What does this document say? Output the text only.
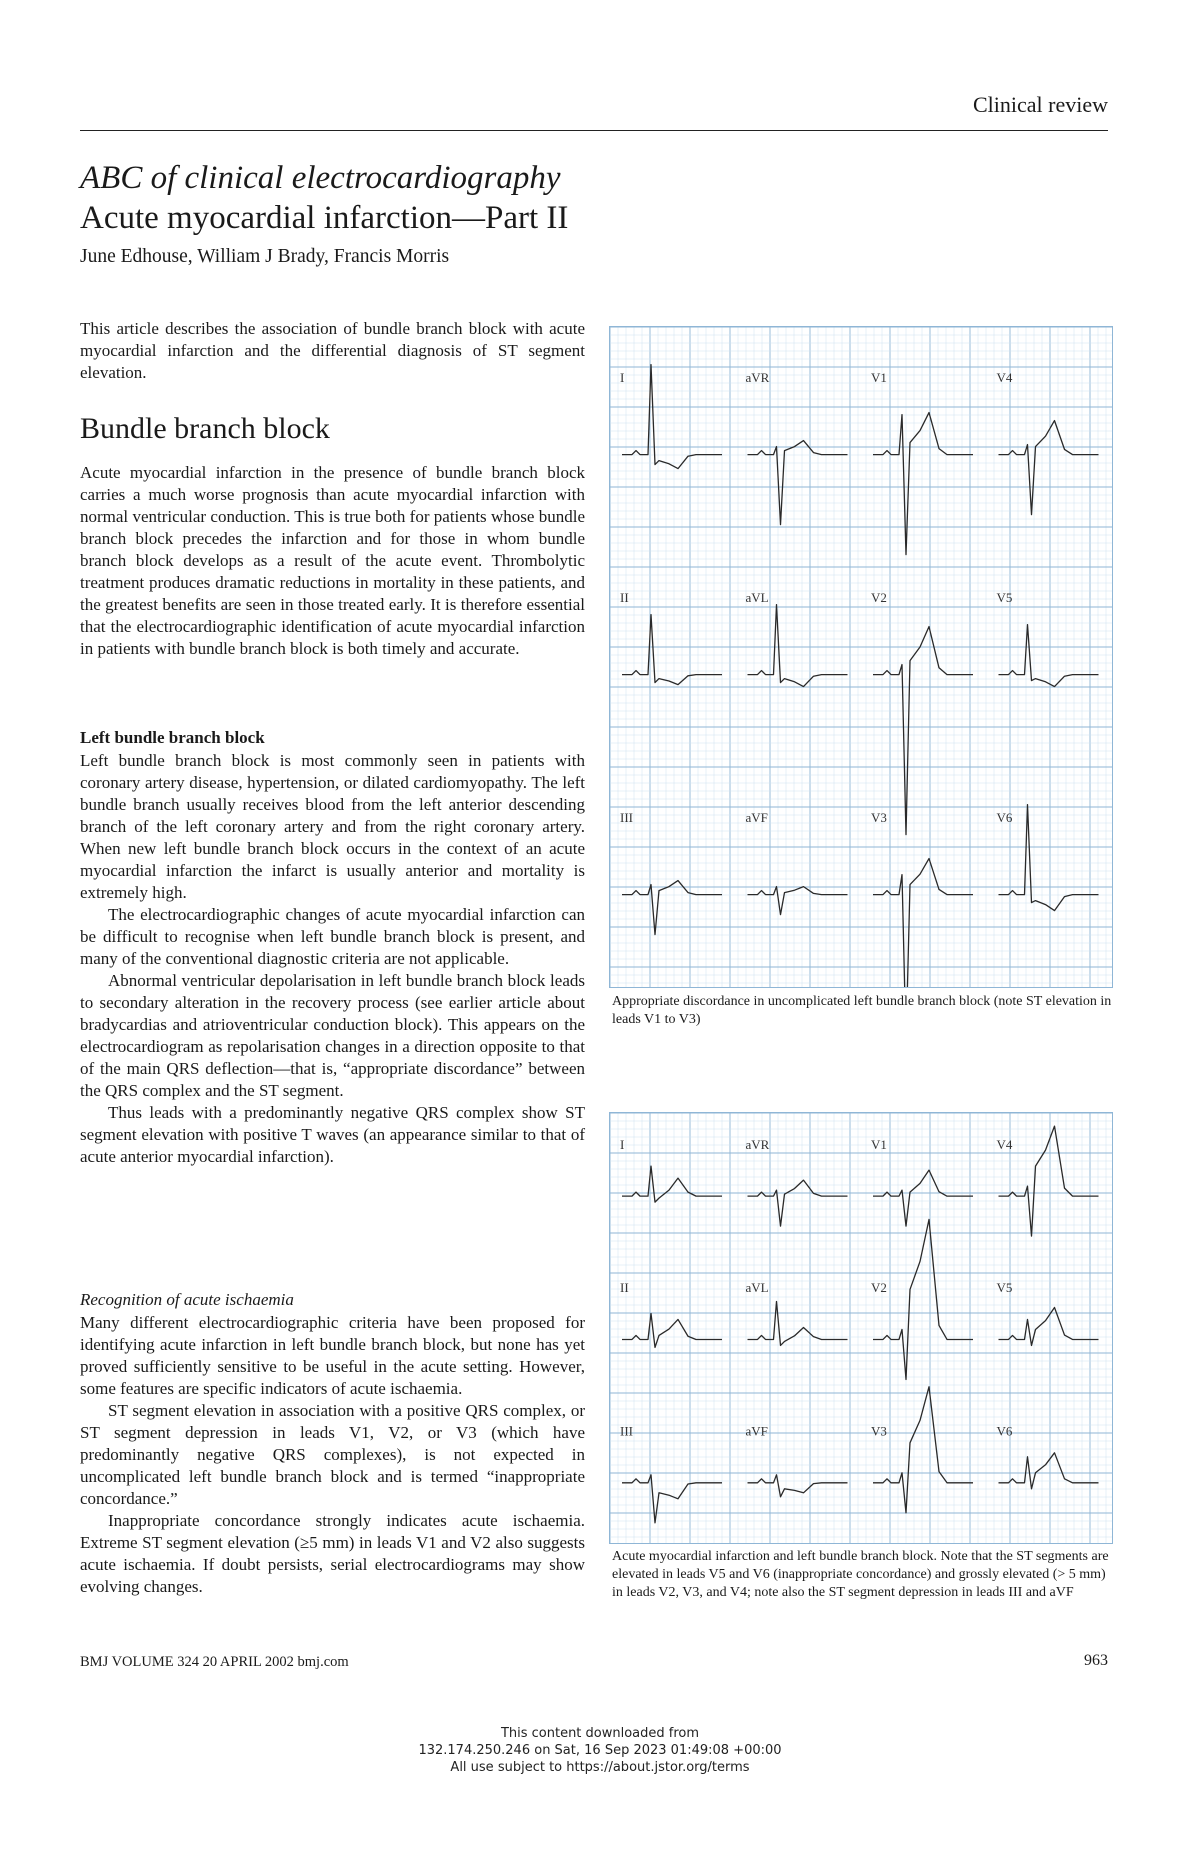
Clinical review
ABC of clinical electrocardiography
Acute myocardial infarction—Part II
June Edhouse, William J Brady, Francis Morris

This article describes the association of bundle branch block with acute myocardial infarction and the differential diagnosis of ST segment elevation.

Bundle branch block

Acute myocardial infarction in the presence of bundle branch block carries a much worse prognosis than acute myocardial infarction with normal ventricular conduction. This is true both for patients whose bundle branch block precedes the infarction and for those in whom bundle branch block develops as a result of the acute event. Thrombolytic treatment produces dramatic reductions in mortality in these patients, and the greatest benefits are seen in those treated early. It is therefore essential that the electrocardiographic identification of acute myocardial infarction in patients with bundle branch block is both timely and accurate.

Left bundle branch block

Left bundle branch block is most commonly seen in patients with coronary artery disease, hypertension, or dilated cardiomyopathy. The left bundle branch usually receives blood from the left anterior descending branch of the left coronary artery and from the right coronary artery. When new left bundle branch block occurs in the context of an acute myocardial infarction the infarct is usually anterior and mortality is extremely high.

The electrocardiographic changes of acute myocardial infarction can be difficult to recognise when left bundle branch block is present, and many of the conventional diagnostic criteria are not applicable.

Abnormal ventricular depolarisation in left bundle branch block leads to secondary alteration in the recovery process (see earlier article about bradycardias and atrioventricular conduction block). This appears on the electrocardiogram as repolarisation changes in a direction opposite to that of the main QRS deflection—that is, “appropriate discordance” between the QRS complex and the ST segment.

Thus leads with a predominantly negative QRS complex show ST segment elevation with positive T waves (an appearance similar to that of acute anterior myocardial infarction).

Recognition of acute ischaemia

Many different electrocardiographic criteria have been proposed for identifying acute infarction in left bundle branch block, but none has yet proved sufficiently sensitive to be useful in the acute setting. However, some features are specific indicators of acute ischaemia.

ST segment elevation in association with a positive QRS complex, or ST segment depression in leads V1, V2, or V3 (which have predominantly negative QRS complexes), is not expected in uncomplicated left bundle branch block and is termed “inappropriate concordance.”

Inappropriate concordance strongly indicates acute ischaemia. Extreme ST segment elevation (≥5 mm) in leads V1 and V2 also suggests acute ischaemia. If doubt persists, serial electrocardiograms may show evolving changes.

I	aVR	V1	V4
II	aVL	V2	V5
III	aVF	V3	V6
Appropriate discordance in uncomplicated left bundle branch block (note ST elevation in leads V1 to V3)
I	aVR	V1	V4
II	aVL	V2	V5
III	aVF	V3	V6
Acute myocardial infarction and left bundle branch block. Note that the ST segments are elevated in leads V5 and V6 (inappropriate concordance) and grossly elevated (> 5 mm) in leads V2, V3, and V4; note also the ST segment depression in leads III and aVF
BMJ VOLUME 324 20 APRIL 2002 bmj.com	963
This content downloaded from
132.174.250.246 on Sat, 16 Sep 2023 01:49:08 +00:00
All use subject to https://about.jstor.org/terms
